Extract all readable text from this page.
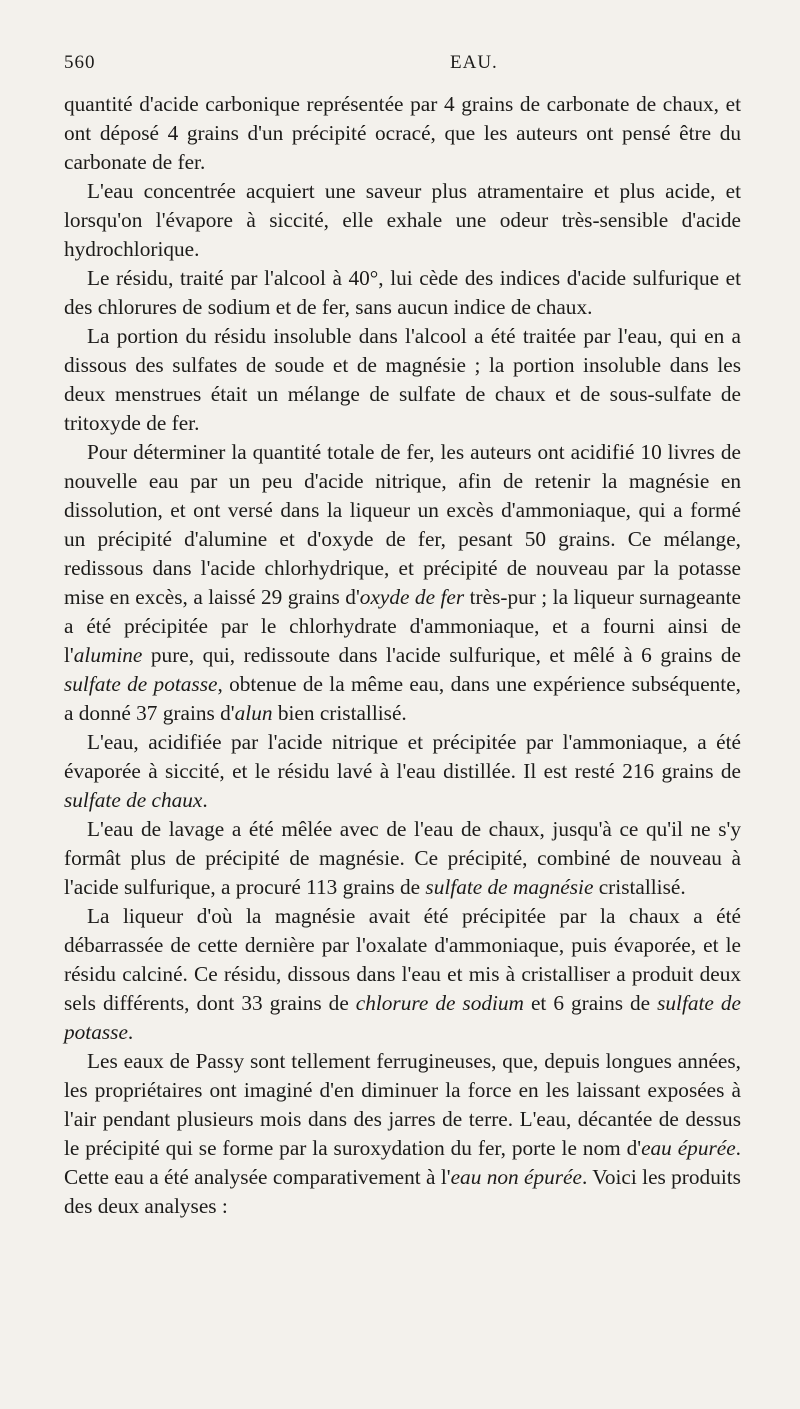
560	EAU.

quantité d'acide carbonique représentée par 4 grains de carbonate de chaux, et ont déposé 4 grains d'un précipité ocracé, que les auteurs ont pensé être du carbonate de fer.

L'eau concentrée acquiert une saveur plus atramentaire et plus acide, et lorsqu'on l'évapore à siccité, elle exhale une odeur très-sensible d'acide hydrochlorique.

Le résidu, traité par l'alcool à 40°, lui cède des indices d'acide sulfurique et des chlorures de sodium et de fer, sans aucun indice de chaux.

La portion du résidu insoluble dans l'alcool a été traitée par l'eau, qui en a dissous des sulfates de soude et de magnésie ; la portion insoluble dans les deux menstrues était un mélange de sulfate de chaux et de sous-sulfate de tritoxyde de fer.

Pour déterminer la quantité totale de fer, les auteurs ont acidifié 10 livres de nouvelle eau par un peu d'acide nitrique, afin de retenir la magnésie en dissolution, et ont versé dans la liqueur un excès d'ammoniaque, qui a formé un précipité d'alumine et d'oxyde de fer, pesant 50 grains. Ce mélange, redissous dans l'acide chlorhydrique, et précipité de nouveau par la potasse mise en excès, a laissé 29 grains d'oxyde de fer très-pur ; la liqueur surnageante a été précipitée par le chlorhydrate d'ammoniaque, et a fourni ainsi de l'alumine pure, qui, redissoute dans l'acide sulfurique, et mêlé à 6 grains de sulfate de potasse, obtenue de la même eau, dans une expérience subséquente, a donné 37 grains d'alun bien cristallisé.

L'eau, acidifiée par l'acide nitrique et précipitée par l'ammoniaque, a été évaporée à siccité, et le résidu lavé à l'eau distillée. Il est resté 216 grains de sulfate de chaux.

L'eau de lavage a été mêlée avec de l'eau de chaux, jusqu'à ce qu'il ne s'y formât plus de précipité de magnésie. Ce précipité, combiné de nouveau à l'acide sulfurique, a procuré 113 grains de sulfate de magnésie cristallisé.

La liqueur d'où la magnésie avait été précipitée par la chaux a été débarrassée de cette dernière par l'oxalate d'ammoniaque, puis évaporée, et le résidu calciné. Ce résidu, dissous dans l'eau et mis à cristalliser a produit deux sels différents, dont 33 grains de chlorure de sodium et 6 grains de sulfate de potasse.

Les eaux de Passy sont tellement ferrugineuses, que, depuis longues années, les propriétaires ont imaginé d'en diminuer la force en les laissant exposées à l'air pendant plusieurs mois dans des jarres de terre. L'eau, décantée de dessus le précipité qui se forme par la suroxydation du fer, porte le nom d'eau épurée. Cette eau a été analysée comparativement à l'eau non épurée. Voici les produits des deux analyses :
